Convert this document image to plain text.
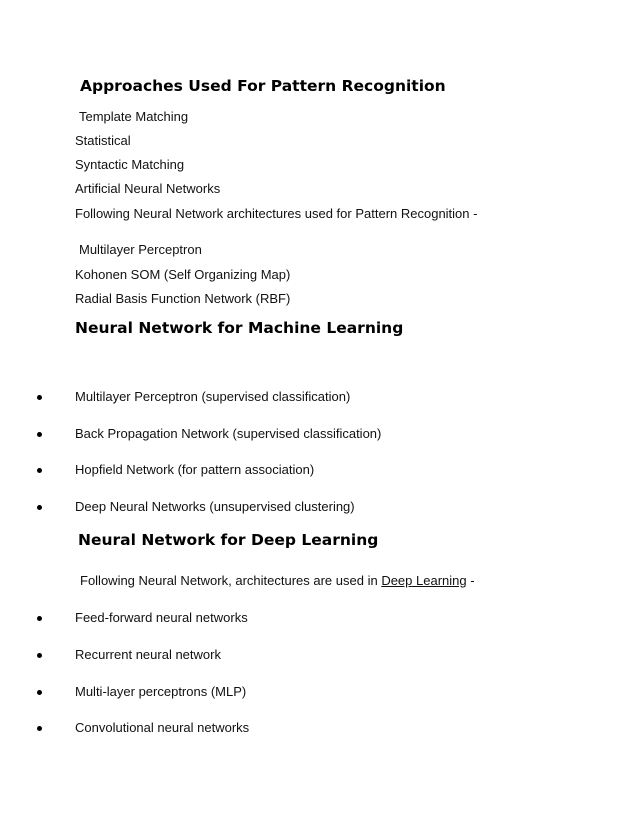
Approaches Used For Pattern Recognition
Template Matching
Statistical
Syntactic Matching
Artificial Neural Networks
Following Neural Network architectures used for Pattern Recognition -
Multilayer Perceptron
Kohonen SOM (Self Organizing Map)
Radial Basis Function Network (RBF)
Neural Network for Machine Learning
Multilayer Perceptron (supervised classification)
Back Propagation Network (supervised classification)
Hopfield Network (for pattern association)
Deep Neural Networks (unsupervised clustering)
Neural Network for Deep Learning
Following Neural Network, architectures are used in Deep Learning -
Feed-forward neural networks
Recurrent neural network
Multi-layer perceptrons (MLP)
Convolutional neural networks
